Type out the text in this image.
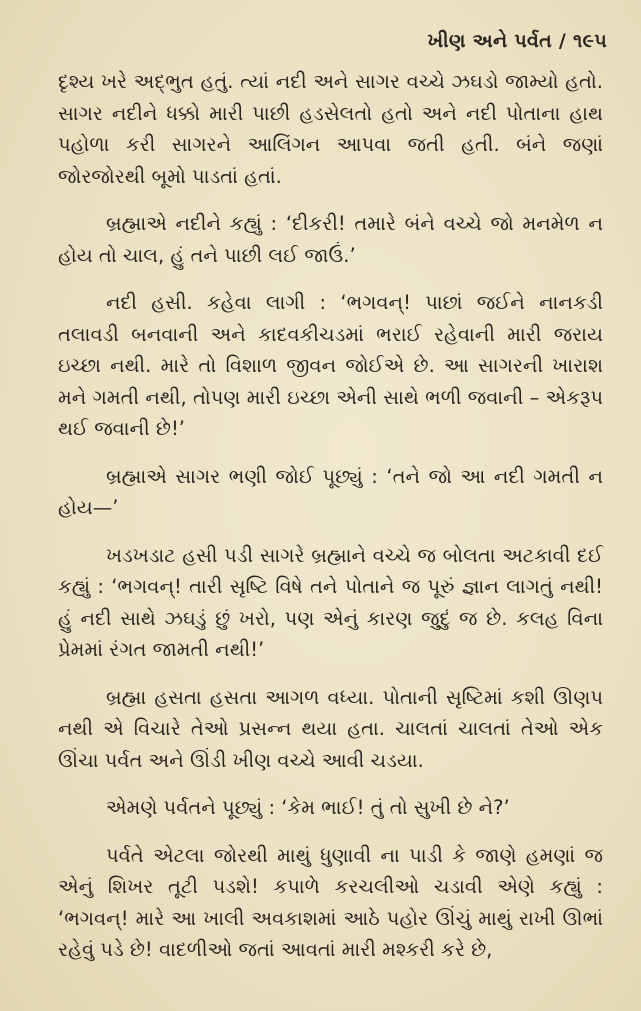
ખીણ અને પર્વત / ૧૯૫

દૃશ્ય ખરે અદ્ભુત હતું. ત્યાં નદી અને સાગર વચ્ચે ઝઘડો જામ્યો હતો. સાગર નદીને ધક્કો મારી પાછી હડસેલતો હતો અને નદી પોતાના હાથ પહોળા કરી સાગરને આલિંગન આપવા જતી હતી. બંને જણાં જોરજોરથી બૂમો પાડતાં હતાં.

બ્રહ્માએ નદીને કહ્યું : ‘દીકરી! તમારે બંને વચ્ચે જો મનમેળ ન હોય તો ચાલ, હું તને પાછી લઈ જાઉં.’

નદી હસી. કહેવા લાગી : ‘ભગવન્! પાછાં જઈને નાનકડી તલાવડી બનવાની અને કાદવકીચડમાં ભરાઈ રહેવાની મારી જરાય ઇચ્છા નથી. મારે તો વિશાળ જીવન જોઈએ છે. આ સાગરની ખારાશ મને ગમતી નથી, તોપણ મારી ઇચ્છા એની સાથે ભળી જવાની – એકરૂપ થઈ જવાની છે!’

બ્રહ્માએ સાગર ભણી જોઈ પૂછ્યું : ‘તને જો આ નદી ગમતી ન હોય—’

ખડખડાટ હસી પડી સાગરે બ્રહ્માને વચ્ચે જ બોલતા અટકાવી દઈ કહ્યું : ‘ભગવન્! તારી સૃષ્ટિ વિષે તને પોતાને જ પૂરું જ્ઞાન લાગતું નથી! હું નદી સાથે ઝઘડું છું ખરો, પણ એનું કારણ જુદું જ છે. કલહ વિના પ્રેમમાં રંગત જામતી નથી!’

બ્રહ્મા હસતા હસતા આગળ વધ્યા. પોતાની સૃષ્ટિમાં કશી ઊણપ નથી એ વિચારે તેઓ પ્રસન્ન થયા હતા. ચાલતાં ચાલતાં તેઓ એક ઊંચા પર્વત અને ઊંડી ખીણ વચ્ચે આવી ચડયા.

એમણે પર્વતને પૂછ્યું : ‘કેમ ભાઈ! તું તો સુખી છે ને?’

પર્વતે એટલા જોરથી માથું ધુણાવી ના પાડી કે જાણે હમણાં જ એનું શિખર તૂટી પડશે! કપાળે કરચલીઓ ચડાવી એણે કહ્યું : ‘ભગવન્! મારે આ ખાલી અવકાશમાં આઠે પહોર ઊંચું માથું રાખી ઊભાં રહેવું પડે છે! વાદળીઓ જતાં આવતાં મારી મશ્કરી કરે છે,
